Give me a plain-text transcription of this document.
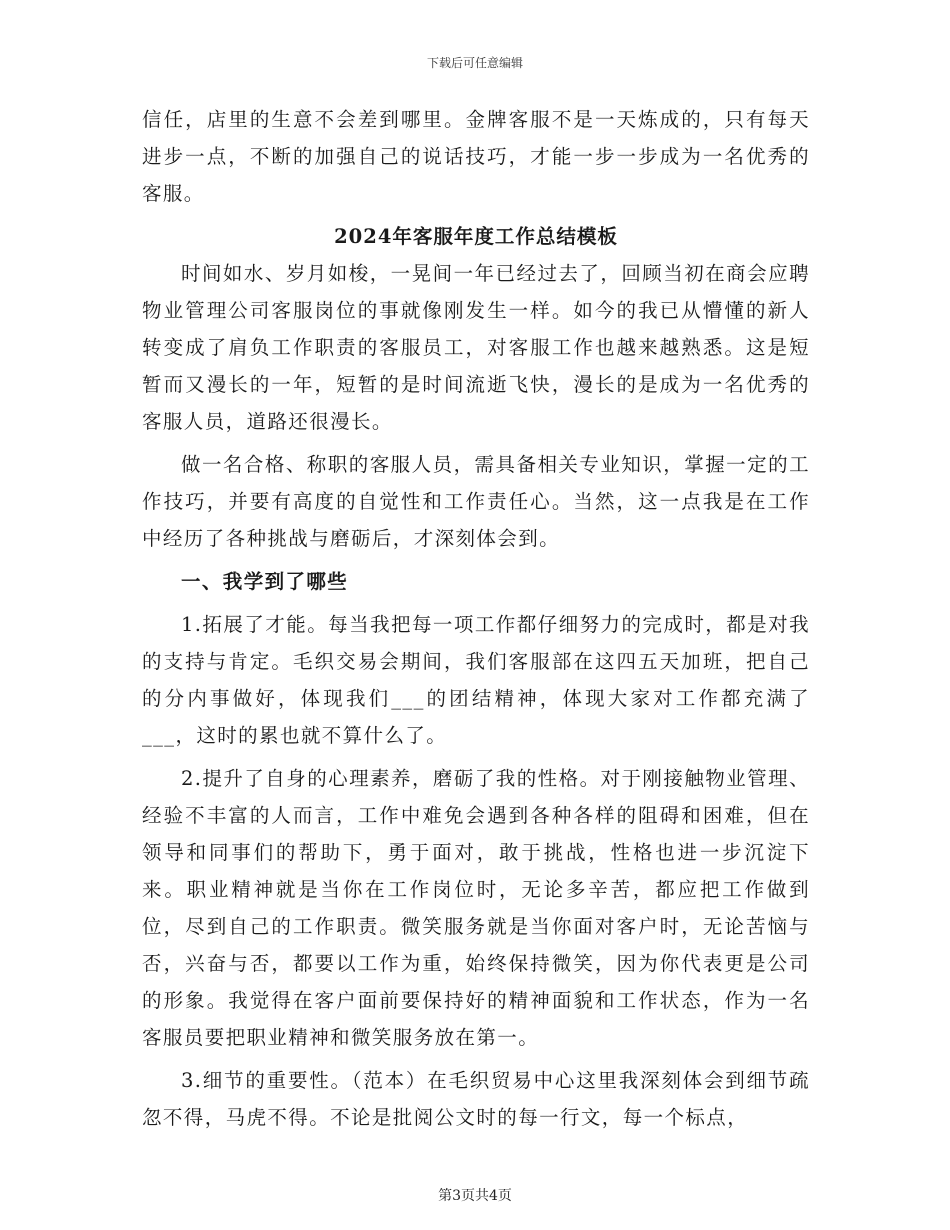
下载后可任意编辑

信任，店里的生意不会差到哪里。金牌客服不是一天炼成的，只有每天进步一点，不断的加强自己的说话技巧，才能一步一步成为一名优秀的客服。

2024年客服年度工作总结模板

时间如水、岁月如梭，一晃间一年已经过去了，回顾当初在商会应聘物业管理公司客服岗位的事就像刚发生一样。如今的我已从懵懂的新人转变成了肩负工作职责的客服员工，对客服工作也越来越熟悉。这是短暂而又漫长的一年，短暂的是时间流逝飞快，漫长的是成为一名优秀的客服人员，道路还很漫长。

做一名合格、称职的客服人员，需具备相关专业知识，掌握一定的工作技巧，并要有高度的自觉性和工作责任心。当然，这一点我是在工作中经历了各种挑战与磨砺后，才深刻体会到。

一、我学到了哪些

1.拓展了才能。每当我把每一项工作都仔细努力的完成时，都是对我的支持与肯定。毛织交易会期间，我们客服部在这四五天加班，把自己的分内事做好，体现我们___的团结精神，体现大家对工作都充满了___，这时的累也就不算什么了。

2.提升了自身的心理素养，磨砺了我的性格。对于刚接触物业管理、经验不丰富的人而言，工作中难免会遇到各种各样的阻碍和困难，但在领导和同事们的帮助下，勇于面对，敢于挑战，性格也进一步沉淀下来。职业精神就是当你在工作岗位时，无论多辛苦，都应把工作做到位，尽到自己的工作职责。微笑服务就是当你面对客户时，无论苦恼与否，兴奋与否，都要以工作为重，始终保持微笑，因为你代表更是公司的形象。我觉得在客户面前要保持好的精神面貌和工作状态，作为一名客服员要把职业精神和微笑服务放在第一。

3.细节的重要性。（范本）在毛织贸易中心这里我深刻体会到细节疏忽不得，马虎不得。不论是批阅公文时的每一行文，每一个标点，

第3页共4页
